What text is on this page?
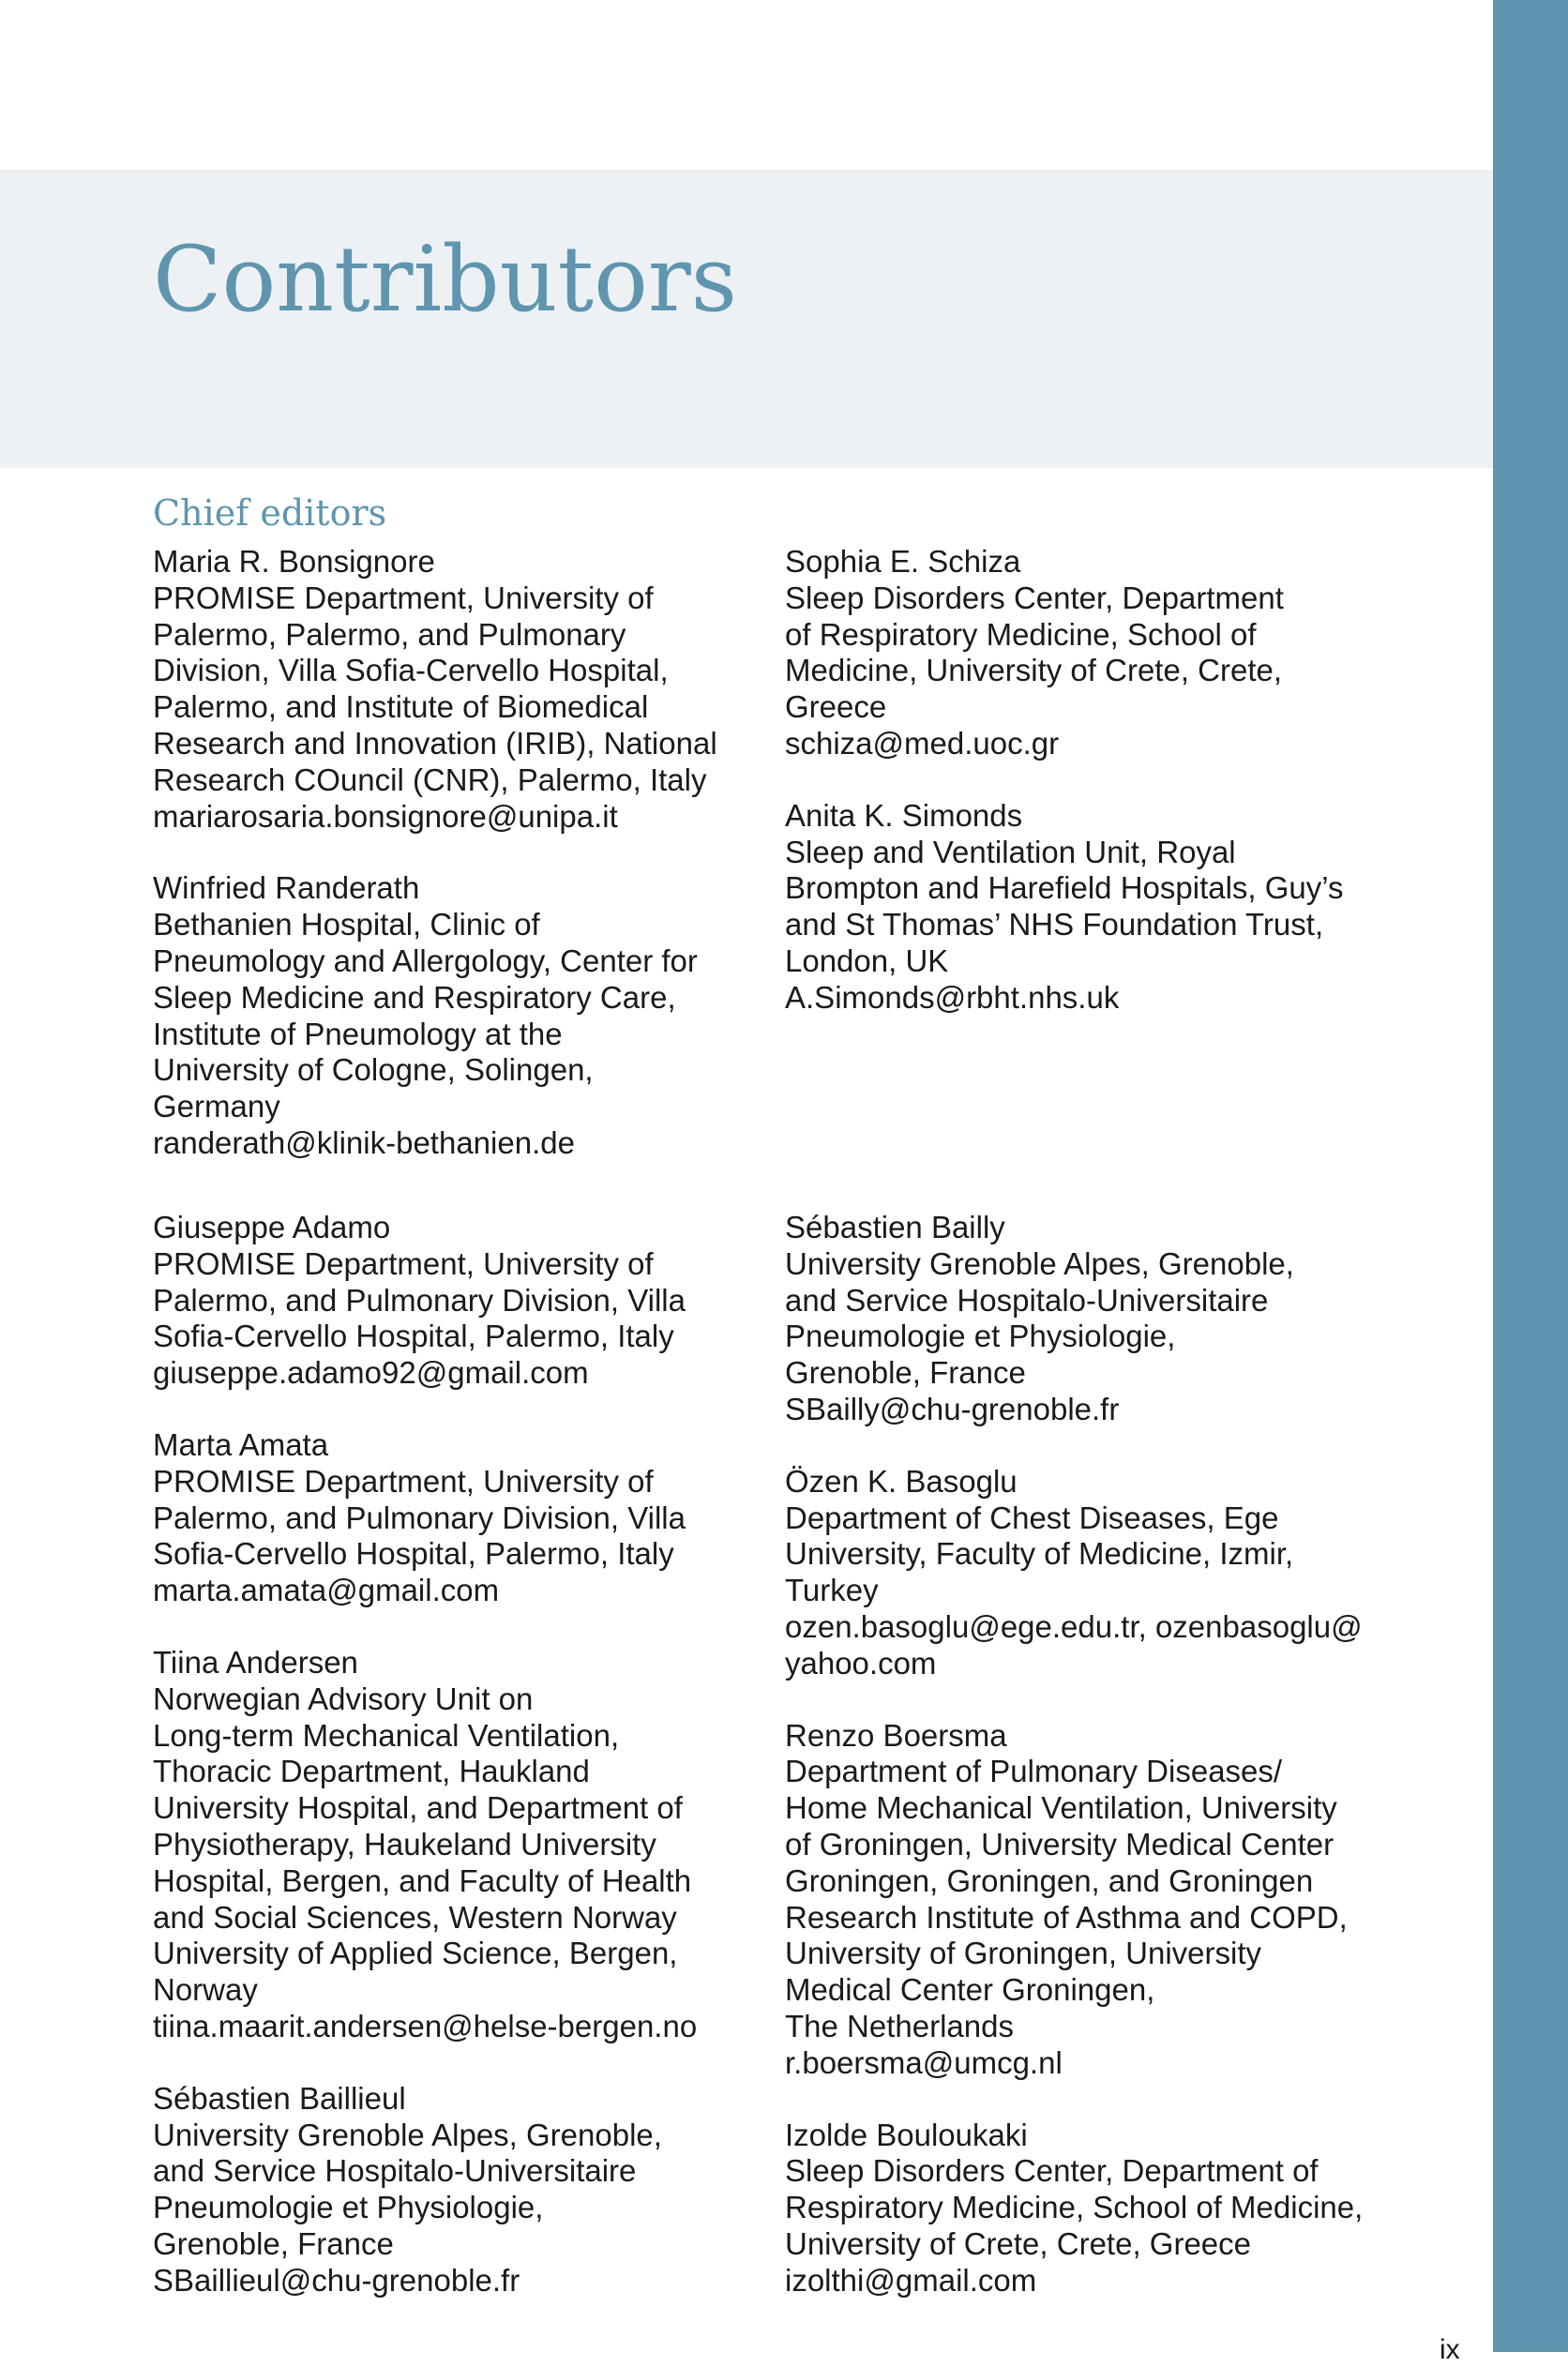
Contributors
Chief editors

Maria R. Bonsignore

PROMISE Department, University of
Palermo, Palermo, and Pulmonary
Division, Villa Sofia-Cervello Hospital,
Palermo, and Institute of Biomedical
Research and Innovation (IRIB), National
Research COuncil (CNR), Palermo, Italy

mariarosaria.bonsignore@unipa.it

Winfried Randerath

Bethanien Hospital, Clinic of
Pneumology and Allergology, Center for
Sleep Medicine and Respiratory Care,
Institute of Pneumology at the
University of Cologne, Solingen,
Germany

randerath@klinik-bethanien.de

Sophia E. Schiza

Sleep Disorders Center, Department
of Respiratory Medicine, School of
Medicine, University of Crete, Crete,
Greece

schiza@med.uoc.gr

Anita K. Simonds

Sleep and Ventilation Unit, Royal
Brompton and Harefield Hospitals, Guy’s
and St Thomas’ NHS Foundation Trust,
London, UK

A.Simonds@rbht.nhs.uk

Giuseppe Adamo

PROMISE Department, University of
Palermo, and Pulmonary Division, Villa
Sofia-Cervello Hospital, Palermo, Italy

giuseppe.adamo92@gmail.com

Marta Amata

PROMISE Department, University of
Palermo, and Pulmonary Division, Villa
Sofia-Cervello Hospital, Palermo, Italy

marta.amata@gmail.com

Tiina Andersen

Norwegian Advisory Unit on
Long-term Mechanical Ventilation,
Thoracic Department, Haukland
University Hospital, and Department of
Physiotherapy, Haukeland University
Hospital, Bergen, and Faculty of Health
and Social Sciences, Western Norway
University of Applied Science, Bergen,
Norway

tiina.maarit.andersen@helse-bergen.no

Sébastien Baillieul

University Grenoble Alpes, Grenoble,
and Service Hospitalo-Universitaire
Pneumologie et Physiologie,
Grenoble, France

SBaillieul@chu-grenoble.fr

Sébastien Bailly

University Grenoble Alpes, Grenoble,
and Service Hospitalo-Universitaire
Pneumologie et Physiologie,
Grenoble, France

SBailly@chu-grenoble.fr

Özen K. Basoglu

Department of Chest Diseases, Ege
University, Faculty of Medicine, Izmir,
Turkey

ozen.basoglu@ege.edu.tr, ozenbasoglu@
yahoo.com

Renzo Boersma

Department of Pulmonary Diseases/
Home Mechanical Ventilation, University
of Groningen, University Medical Center
Groningen, Groningen, and Groningen
Research Institute of Asthma and COPD,
University of Groningen, University
Medical Center Groningen,
The Netherlands

r.boersma@umcg.nl

Izolde Bouloukaki

Sleep Disorders Center, Department of
Respiratory Medicine, School of Medicine,
University of Crete, Crete, Greece

izolthi@gmail.com

ix
